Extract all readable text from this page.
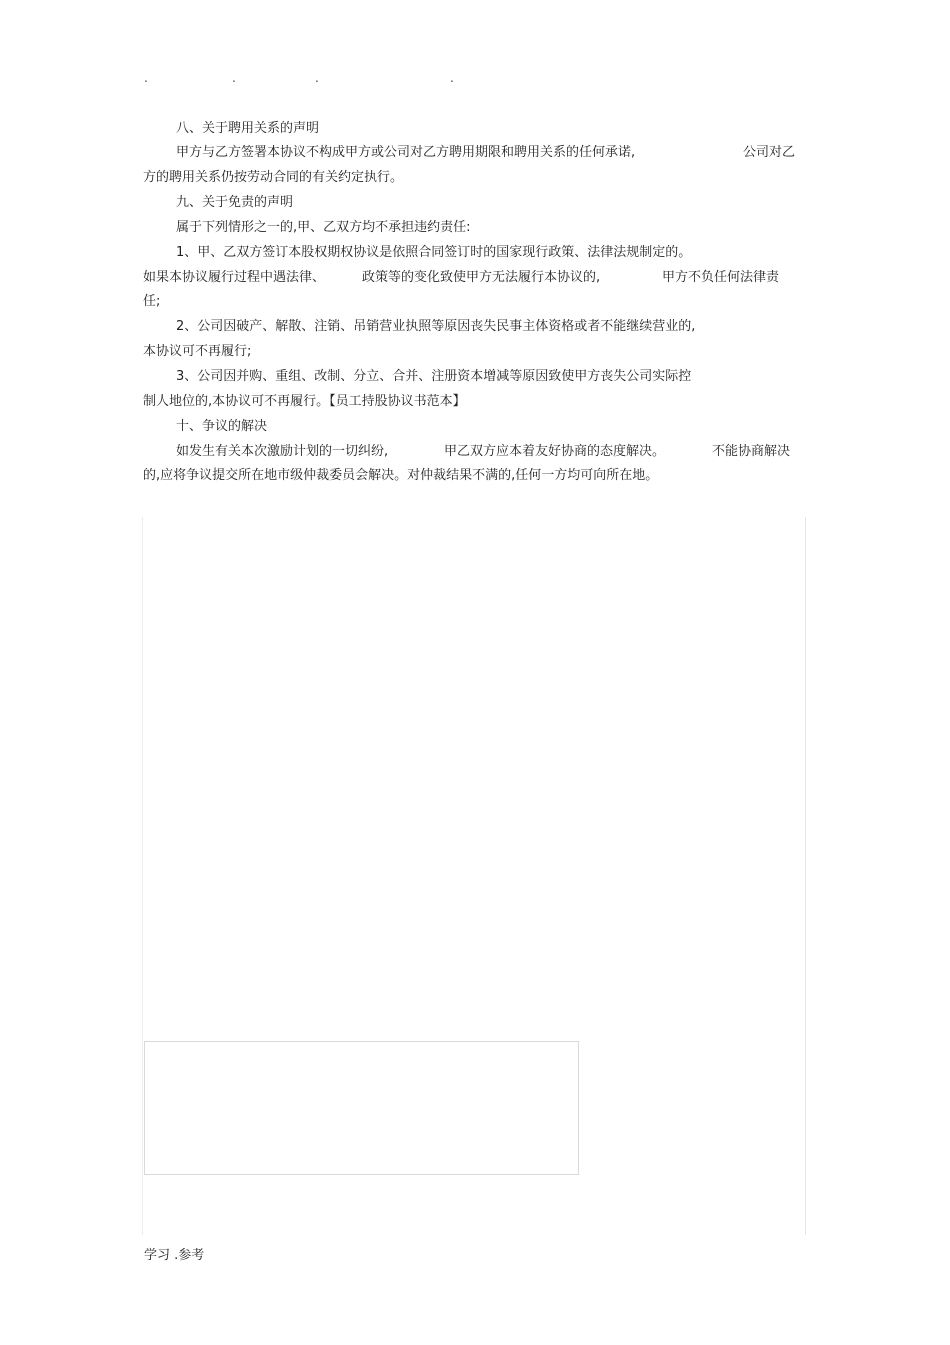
.	.	.	.
八、关于聘用关系的声明
甲方与乙方签署本协议不构成甲方或公司对乙方聘用期限和聘用关系的任何承诺,	公司对乙
方的聘用关系仍按劳动合同的有关约定执行。
九、关于免责的声明
属于下列情形之一的,甲、乙双方均不承担违约责任:
1、甲、乙双方签订本股权期权协议是依照合同签订时的国家现行政策、法律法规制定的。
如果本协议履行过程中遇法律、	政策等的变化致使甲方无法履行本协议的,	甲方不负任何法律责
任;
2、公司因破产、解散、注销、吊销营业执照等原因丧失民事主体资格或者不能继续营业的,
本协议可不再履行;
3、公司因并购、重组、改制、分立、合并、注册资本增减等原因致使甲方丧失公司实际控
制人地位的,本协议可不再履行。【员工持股协议书范本】
十、争议的解决
如发生有关本次激励计划的一切纠纷,	甲乙双方应本着友好协商的态度解决。	不能协商解决
的,应将争议提交所在地市级仲裁委员会解决。对仲裁结果不满的,任何一方均可向所在地。
学习 .参考
